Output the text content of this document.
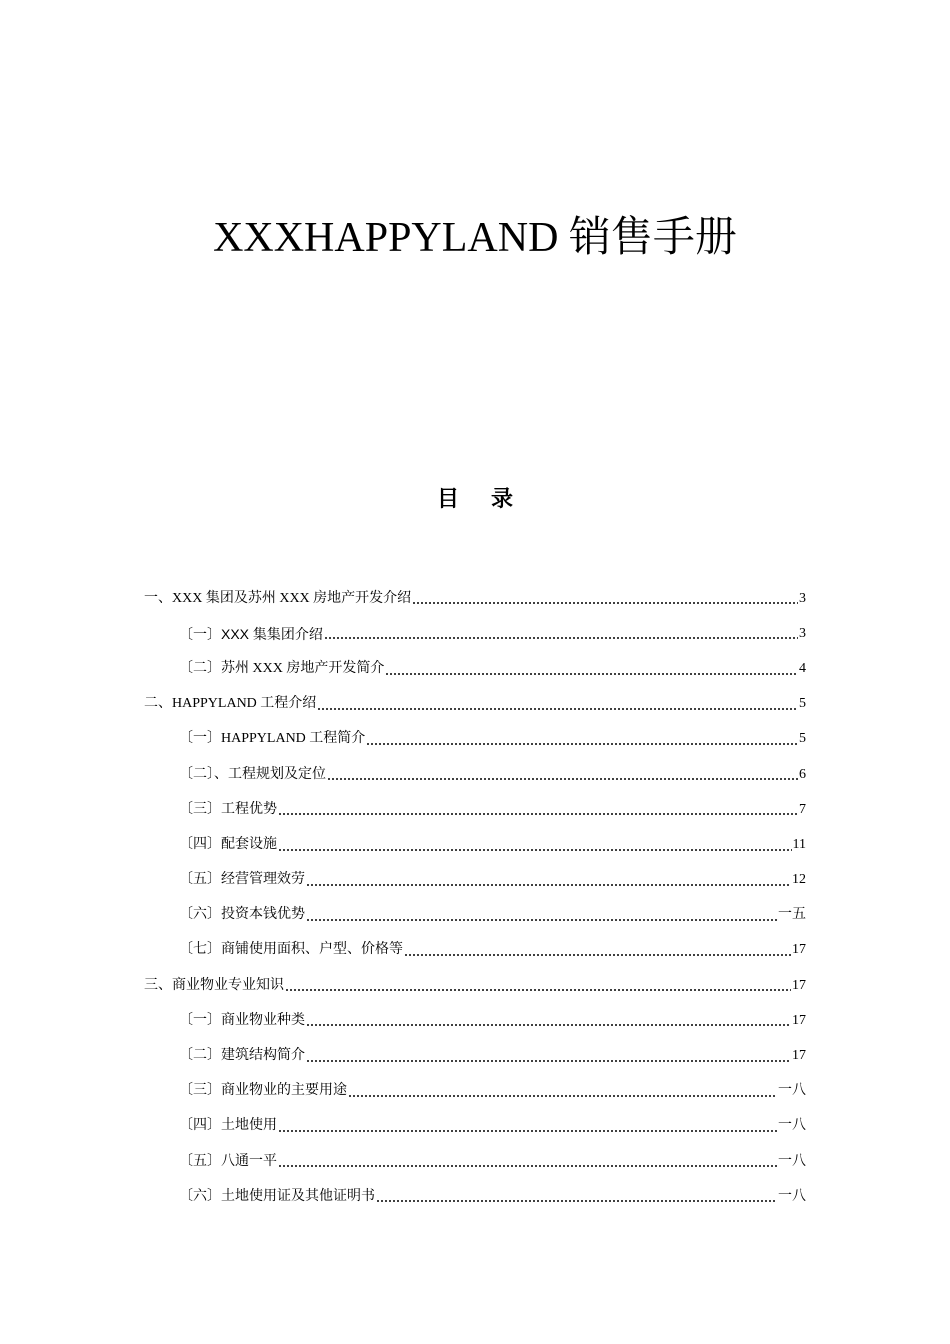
XXXHAPPYLAND 销售手册
目录
一、XXX 集团及苏州 XXX 房地产开发介绍	3
〔一〕XXX 集集团介绍	3
〔二〕苏州 XXX 房地产开发简介	4
二、HAPPYLAND 工程介绍	5
〔一〕HAPPYLAND 工程简介	5
〔二〕、工程规划及定位	6
〔三〕工程优势	7
〔四〕配套设施	11
〔五〕经营管理效劳	12
〔六〕投资本钱优势	一五
〔七〕商铺使用面积、户型、价格等	17
三、商业物业专业知识	17
〔一〕商业物业种类	17
〔二〕建筑结构简介	17
〔三〕商业物业的主要用途	一八
〔四〕土地使用	一八
〔五〕八通一平	一八
〔六〕土地使用证及其他证明书	一八
